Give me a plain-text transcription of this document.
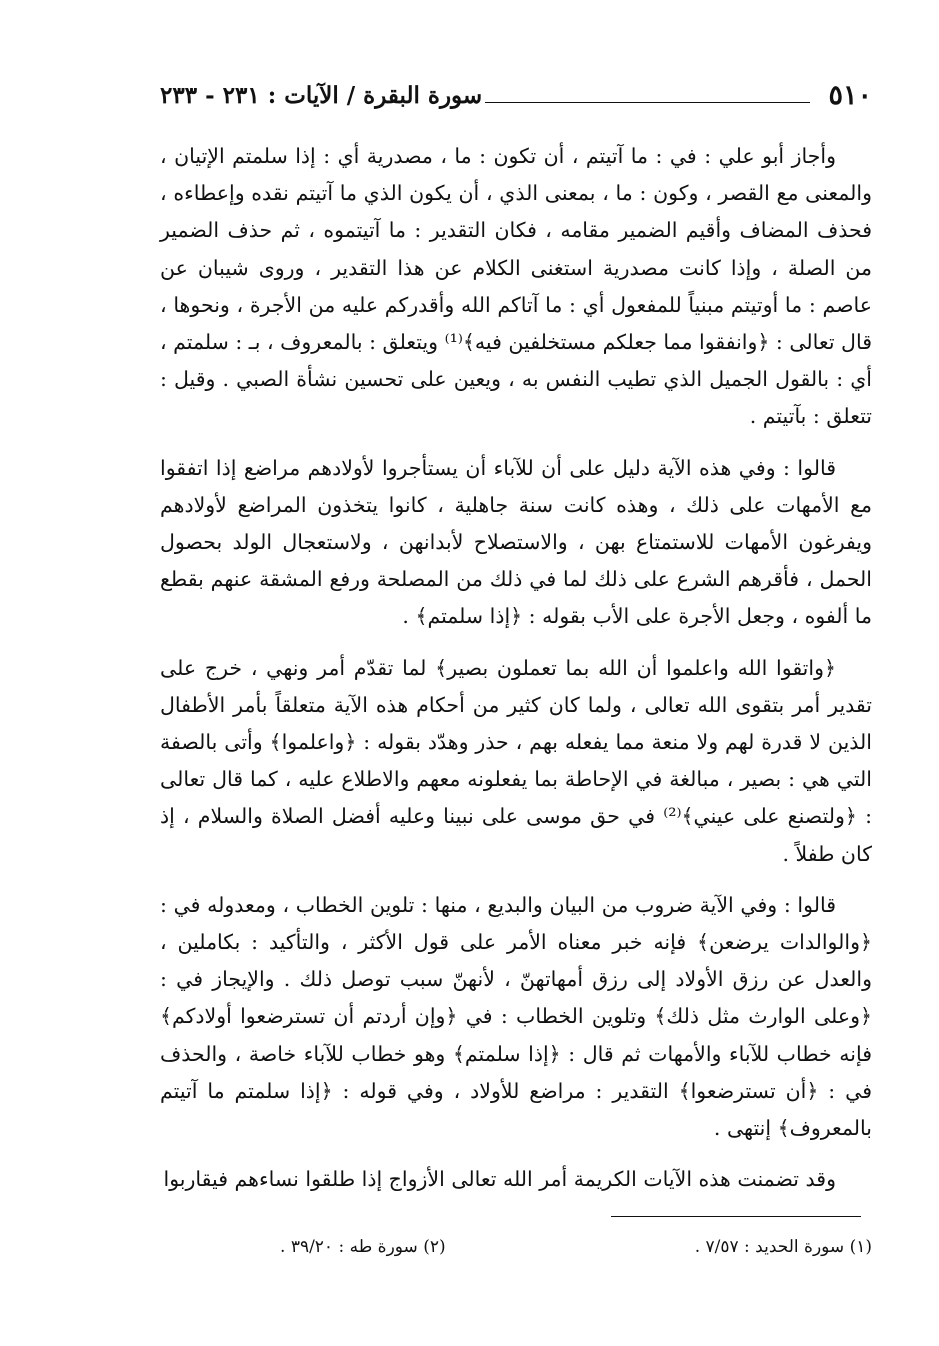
٥١٠
سورة البقرة / الآيات : ٢٣١ - ٢٣٣

وأجاز أبو علي : في : ما آتيتم ، أن تكون : ما ، مصدرية أي : إذا سلمتم الإتيان ، والمعنى مع القصر ، وكون : ما ، بمعنى الذي ، أن يكون الذي ما آتيتم نقده وإعطاءه ، فحذف المضاف وأقيم الضمير مقامه ، فكان التقدير : ما آتيتموه ، ثم حذف الضمير من الصلة ، وإذا كانت مصدرية استغنى الكلام عن هذا التقدير ، وروى شيبان عن عاصم : ما أوتيتم مبنياً للمفعول أي : ما آتاكم الله وأقدركم عليه من الأجرة ، ونحوها ، قال تعالى : ﴿وانفقوا مما جعلكم مستخلفين فيه﴾⁽¹⁾ ويتعلق : بالمعروف ، بـ : سلمتم ، أي : بالقول الجميل الذي تطيب النفس به ، ويعين على تحسين نشأة الصبي . وقيل : تتعلق : بآتيتم .

قالوا : وفي هذه الآية دليل على أن للآباء أن يستأجروا لأولادهم مراضع إذا اتفقوا مع الأمهات على ذلك ، وهذه كانت سنة جاهلية ، كانوا يتخذون المراضع لأولادهم ويفرغون الأمهات للاستمتاع بهن ، والاستصلاح لأبدانهن ، ولاستعجال الولد بحصول الحمل ، فأقرهم الشرع على ذلك لما في ذلك من المصلحة ورفع المشقة عنهم بقطع ما ألفوه ، وجعل الأجرة على الأب بقوله : ﴿إذا سلمتم﴾ .

﴿واتقوا الله واعلموا أن الله بما تعملون بصير﴾ لما تقدّم أمر ونهي ، خرج على تقدير أمر بتقوى الله تعالى ، ولما كان كثير من أحكام هذه الآية متعلقاً بأمر الأطفال الذين لا قدرة لهم ولا منعة مما يفعله بهم ، حذر وهدّد بقوله : ﴿واعلموا﴾ وأتى بالصفة التي هي : بصير ، مبالغة في الإحاطة بما يفعلونه معهم والاطلاع عليه ، كما قال تعالى : ﴿ولتصنع على عيني﴾⁽²⁾ في حق موسى على نبينا وعليه أفضل الصلاة والسلام ، إذ كان طفلاً .

قالوا : وفي الآية ضروب من البيان والبديع ، منها : تلوين الخطاب ، ومعدوله في : ﴿والوالدات يرضعن﴾ فإنه خبر معناه الأمر على قول الأكثر ، والتأكيد : بكاملين ، والعدل عن رزق الأولاد إلى رزق أمهاتهنّ ، لأنهنّ سبب توصل ذلك . والإيجاز في : ﴿وعلى الوارث مثل ذلك﴾ وتلوين الخطاب : في ﴿وإن أردتم أن تسترضعوا أولادكم﴾ فإنه خطاب للآباء والأمهات ثم قال : ﴿إذا سلمتم﴾ وهو خطاب للآباء خاصة ، والحذف في : ﴿أن تسترضعوا﴾ التقدير : مراضع للأولاد ، وفي قوله : ﴿إذا سلمتم ما آتيتم بالمعروف﴾ إنتهى .

وقد تضمنت هذه الآيات الكريمة أمر الله تعالى الأزواج إذا طلقوا نساءهم فيقاربوا

(١) سورة الحديد : ٧/٥٧ .
(٢) سورة طه : ٣٩/٢٠ .
